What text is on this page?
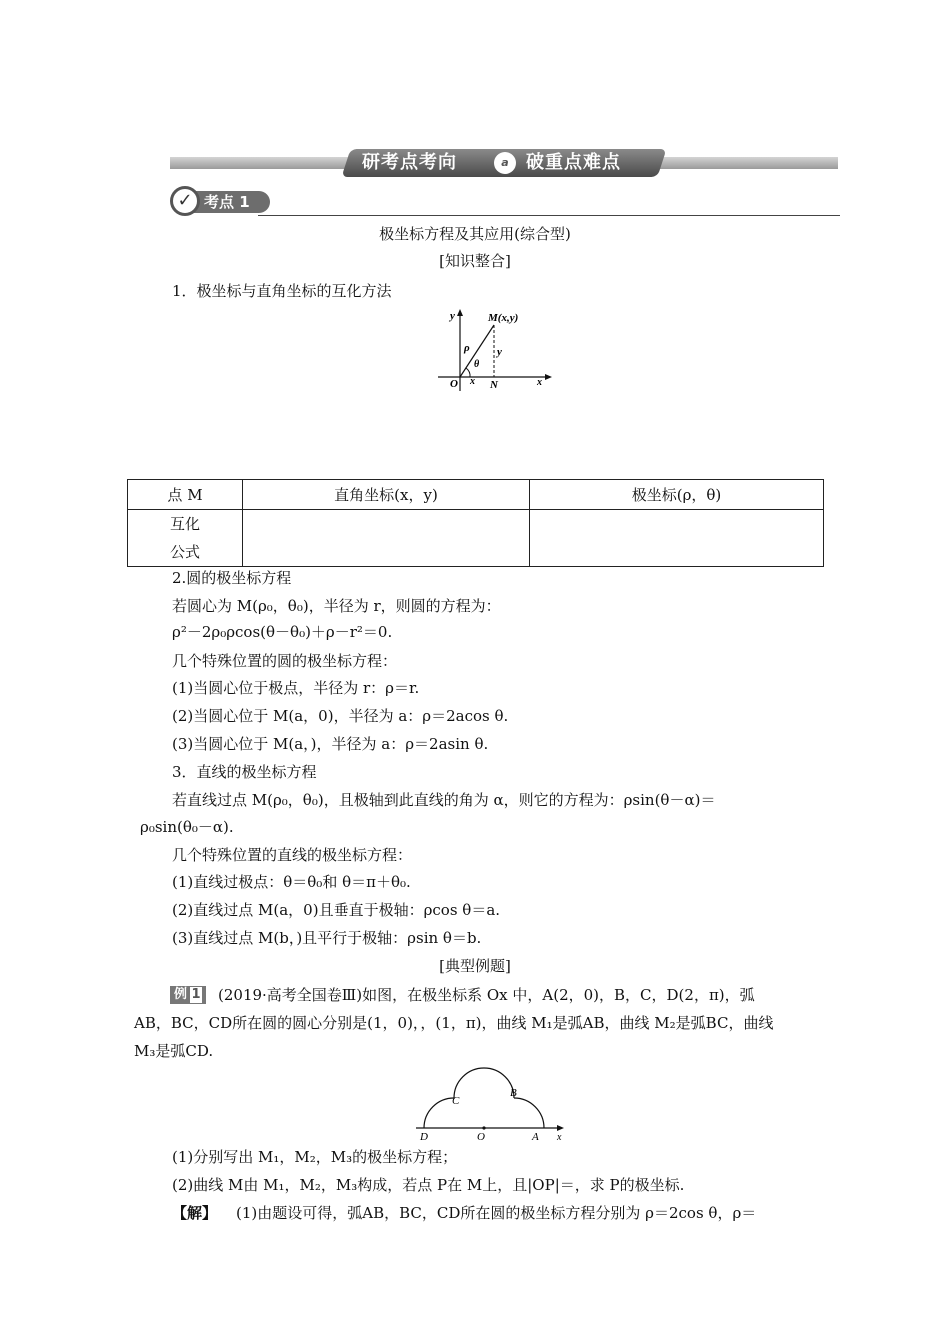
研考点考向	a 破重点难点
✓ 考点 1
极坐标方程及其应用(综合型)
[知识整合]
1．极坐标与直角坐标的互化方法
y	M(x,y)
ρ
θ
y
O x N	x
点 M	直角坐标(x，y)	极坐标(ρ，θ)

互化
公式		

2.圆的极坐标方程
若圆心为 M(ρ₀，θ₀)，半径为 r，则圆的方程为：
ρ²－2ρ₀ρcos(θ－θ₀)＋ρ－r²＝0.
几个特殊位置的圆的极坐标方程：
(1)当圆心位于极点，半径为 r：ρ＝r.
(2)当圆心位于 M(a，0)，半径为 a：ρ＝2acos θ.
(3)当圆心位于 M(a，)，半径为 a：ρ＝2asin θ.
3．直线的极坐标方程
若直线过点 M(ρ₀，θ₀)，且极轴到此直线的角为 α，则它的方程为：ρsin(θ－α)＝
ρ₀sin(θ₀－α).
几个特殊位置的直线的极坐标方程：
(1)直线过极点：θ＝θ₀和 θ＝π＋θ₀.
(2)直线过点 M(a，0)且垂直于极轴：ρcos θ＝a.
(3)直线过点 M(b，)且平行于极轴：ρsin θ＝b.
[典型例题]
例 1	(2019·高考全国卷Ⅲ)如图，在极坐标系 Ox 中，A(2，0)，B，C，D(2，π)，弧
AB，BC，CD所在圆的圆心分别是(1，0)，，(1，π)，曲线 M₁是弧AB，曲线 M₂是弧BC，曲线
M₃是弧CD.
C
B
D	O	A x
(1)分别写出 M₁，M₂，M₃的极坐标方程；
(2)曲线 M由 M₁，M₂，M₃构成，若点 P在 M上，且|OP|＝，求 P的极坐标.
【解】 (1)由题设可得，弧AB，BC，CD所在圆的极坐标方程分别为 ρ＝2cos θ，ρ＝
